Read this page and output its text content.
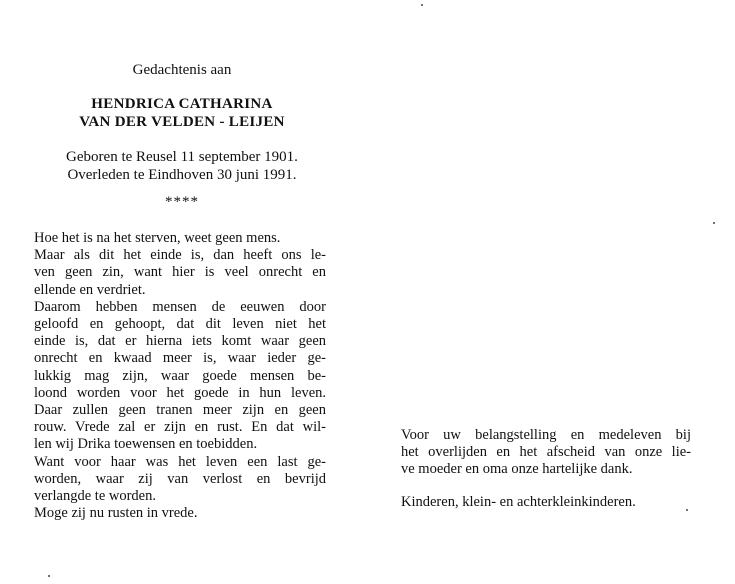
Gedachtenis aan
HENDRICA CATHARINA
VAN DER VELDEN - LEIJEN
Geboren te Reusel 11 september 1901.
Overleden te Eindhoven 30 juni 1991.
****
Hoe het is na het sterven, weet geen mens.
Maar als dit het einde is, dan heeft ons le-
ven geen zin, want hier is veel onrecht en
ellende en verdriet.
Daarom hebben mensen de eeuwen door
geloofd en gehoopt, dat dit leven niet het
einde is, dat er hierna iets komt waar geen
onrecht en kwaad meer is, waar ieder ge-
lukkig mag zijn, waar goede mensen be-
loond worden voor het goede in hun leven.
Daar zullen geen tranen meer zijn en geen
rouw. Vrede zal er zijn en rust. En dat wil-
len wij Drika toewensen en toebidden.
Want voor haar was het leven een last ge-
worden, waar zij van verlost en bevrijd
verlangde te worden.
Moge zij nu rusten in vrede.
Voor uw belangstelling en medeleven bij
het overlijden en het afscheid van onze lie-
ve moeder en oma onze hartelijke dank.
Kinderen, klein- en achterkleinkinderen.
